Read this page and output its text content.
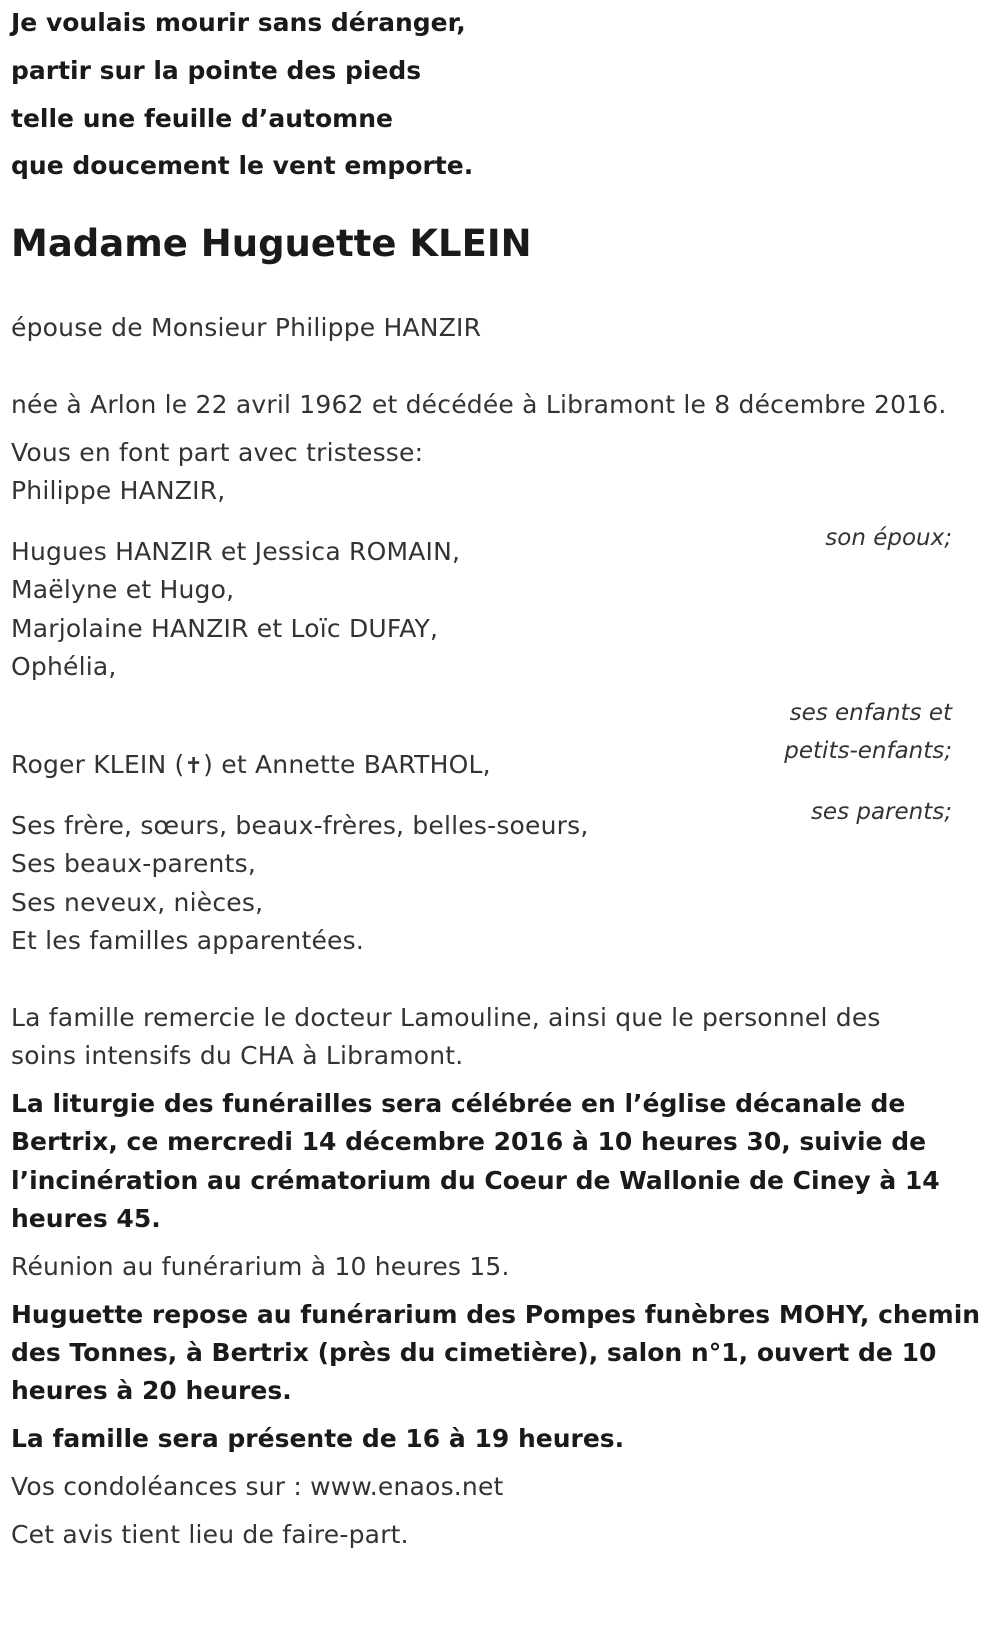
Je voulais mourir sans déranger,

partir sur la pointe des pieds

telle une feuille d’automne

que doucement le vent emporte.

Madame Huguette KLEIN

épouse de Monsieur Philippe HANZIR

née à Arlon le 22 avril 1962 et décédée à Libramont le 8 décembre 2016.

Vous en font part avec tristesse:

Philippe HANZIR,

son époux;

Hugues HANZIR et Jessica ROMAIN,

Maëlyne et Hugo,

Marjolaine HANZIR et Loïc DUFAY,

Ophélia,

ses enfants et

petits-enfants;

Roger KLEIN (✝) et Annette BARTHOL,

ses parents;

Ses frère, sœurs, beaux-frères, belles-soeurs,

Ses beaux-parents,

Ses neveux, nièces,

Et les familles apparentées.

La famille remercie le docteur Lamouline, ainsi que le personnel des

soins intensifs du CHA à Libramont.

La liturgie des funérailles sera célébrée en l’église décanale de

Bertrix, ce mercredi 14 décembre 2016 à 10 heures 30, suivie de

l’incinération au crématorium du Coeur de Wallonie de Ciney à 14

heures 45.

Réunion au funérarium à 10 heures 15.

Huguette repose au funérarium des Pompes funèbres MOHY, chemin

des Tonnes, à Bertrix (près du cimetière), salon n°1, ouvert de 10

heures à 20 heures.

La famille sera présente de 16 à 19 heures.

Vos condoléances sur : www.enaos.net

Cet avis tient lieu de faire-part.
